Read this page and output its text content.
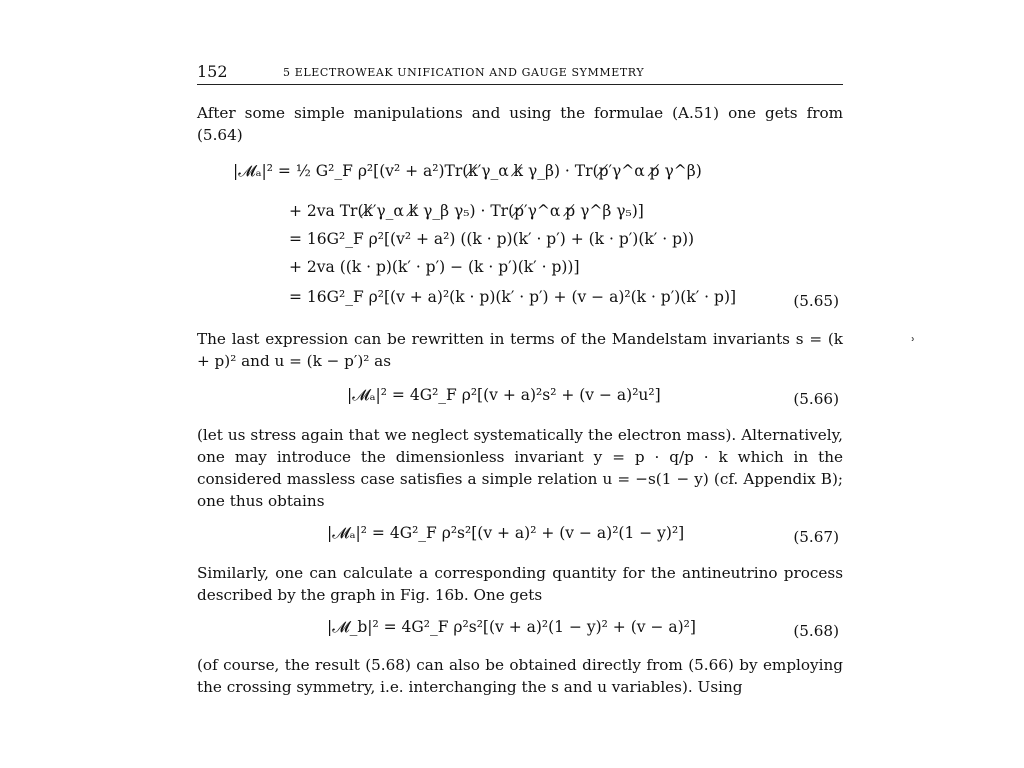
152	5 ELECTROWEAK UNIFICATION AND GAUGE SYMMETRY

After some simple manipulations and using the formulae (A.51) one gets from (5.64)

|𝓜ₐ|² = ½ G²_F ρ²[(v² + a²)Tr(k̸′γ_α k̸ γ_β) · Tr(p̸′γ^α p̸ γ^β)
+ 2va Tr(k̸′γ_α k̸ γ_β γ₅) · Tr(p̸′γ^α p̸ γ^β γ₅)]
= 16G²_F ρ²[(v² + a²) ((k · p)(k′ · p′) + (k · p′)(k′ · p))
+ 2va ((k · p)(k′ · p′) − (k · p′)(k′ · p))]
= 16G²_F ρ²[(v + a)²(k · p)(k′ · p′) + (v − a)²(k · p′)(k′ · p)]	(5.65)

The last expression can be rewritten in terms of the Mandelstam invariants s = (k + p)² and u = (k − p′)² as

|𝓜ₐ|² = 4G²_F ρ²[(v + a)²s² + (v − a)²u²]	(5.66)

(let us stress again that we neglect systematically the electron mass). Alternatively, one may introduce the dimensionless invariant y = p · q/p · k which in the considered massless case satisfies a simple relation u = −s(1 − y) (cf. Appendix B); one thus obtains

|𝓜ₐ|² = 4G²_F ρ²s²[(v + a)² + (v − a)²(1 − y)²]	(5.67)

Similarly, one can calculate a corresponding quantity for the antineutrino process described by the graph in Fig. 16b. One gets

|𝓜_b|² = 4G²_F ρ²s²[(v + a)²(1 − y)² + (v − a)²]	(5.68)

(of course, the result (5.68) can also be obtained directly from (5.66) by employing the crossing symmetry, i.e. interchanging the s and u variables). Using

ʾ
